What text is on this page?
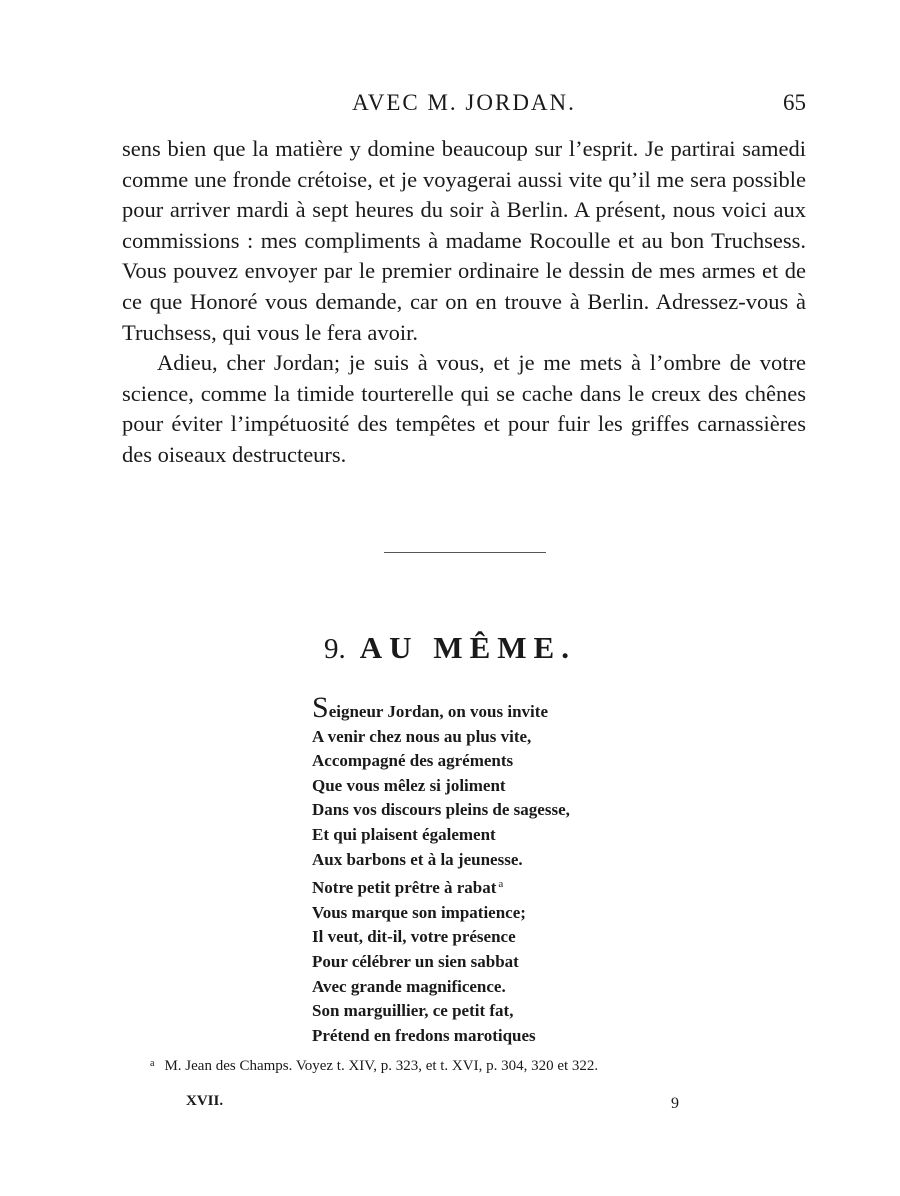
AVEC M. JORDAN.	65

sens bien que la matière y domine beaucoup sur l’esprit. Je partirai samedi comme une fronde crétoise, et je voyagerai aussi vite qu’il me sera possible pour arriver mardi à sept heures du soir à Berlin. A présent, nous voici aux commissions : mes compliments à madame Rocoulle et au bon Truchsess. Vous pouvez envoyer par le premier ordinaire le dessin de mes armes et de ce que Honoré vous demande, car on en trouve à Berlin. Adressez-vous à Truchsess, qui vous le fera avoir.

Adieu, cher Jordan; je suis à vous, et je me mets à l’ombre de votre science, comme la timide tourterelle qui se cache dans le creux des chênes pour éviter l’impétuosité des tempêtes et pour fuir les griffes carnassières des oiseaux destructeurs.

9. AU MÊME.
Seigneur Jordan, on vous invite
A venir chez nous au plus vite,
Accompagné des agréments
Que vous mêlez si joliment
Dans vos discours pleins de sagesse,
Et qui plaisent également
Aux barbons et à la jeunesse.
Notre petit prêtre à rabat $^a$
Vous marque son impatience;
Il veut, dit-il, votre présence
Pour célébrer un sien sabbat
Avec grande magnificence.
Son marguillier, ce petit fat,
Prétend en fredons marotiques
$^a$ M. Jean des Champs. Voyez t. XIV, p. 323, et t. XVI, p. 304, 320 et 322.
XVII.	9
